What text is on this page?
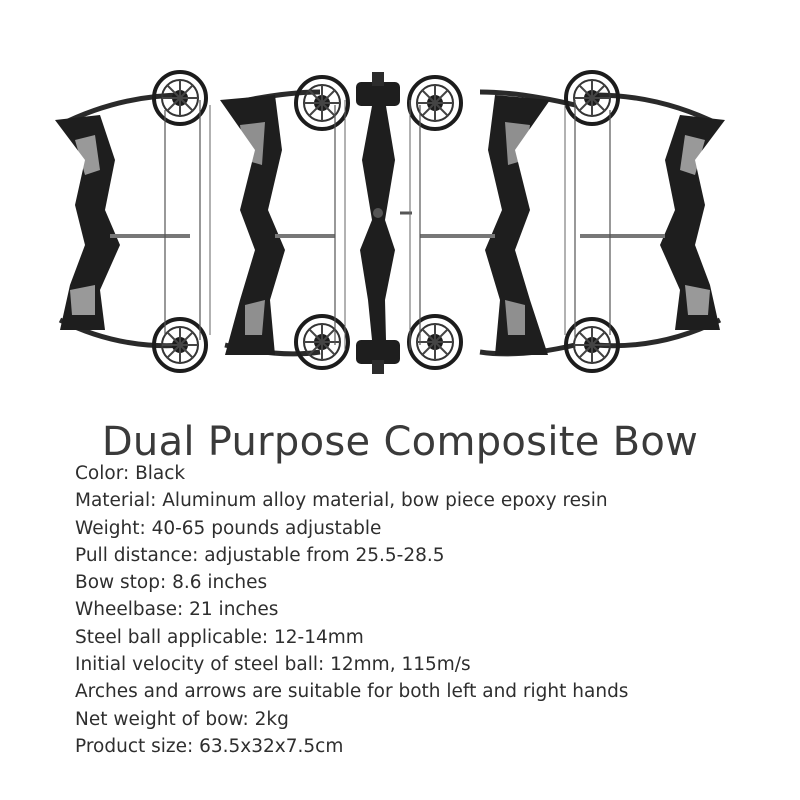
Dual Purpose Composite Bow
Color: Black
Material: Aluminum alloy material, bow piece epoxy resin
Weight: 40-65 pounds adjustable
Pull distance: adjustable from 25.5-28.5
Bow stop: 8.6 inches
Wheelbase: 21 inches
Steel ball applicable: 12-14mm
Initial velocity of steel ball: 12mm, 115m/s
Arches and arrows are suitable for both left and right hands
Net weight of bow: 2kg
Product size: 63.5x32x7.5cm
